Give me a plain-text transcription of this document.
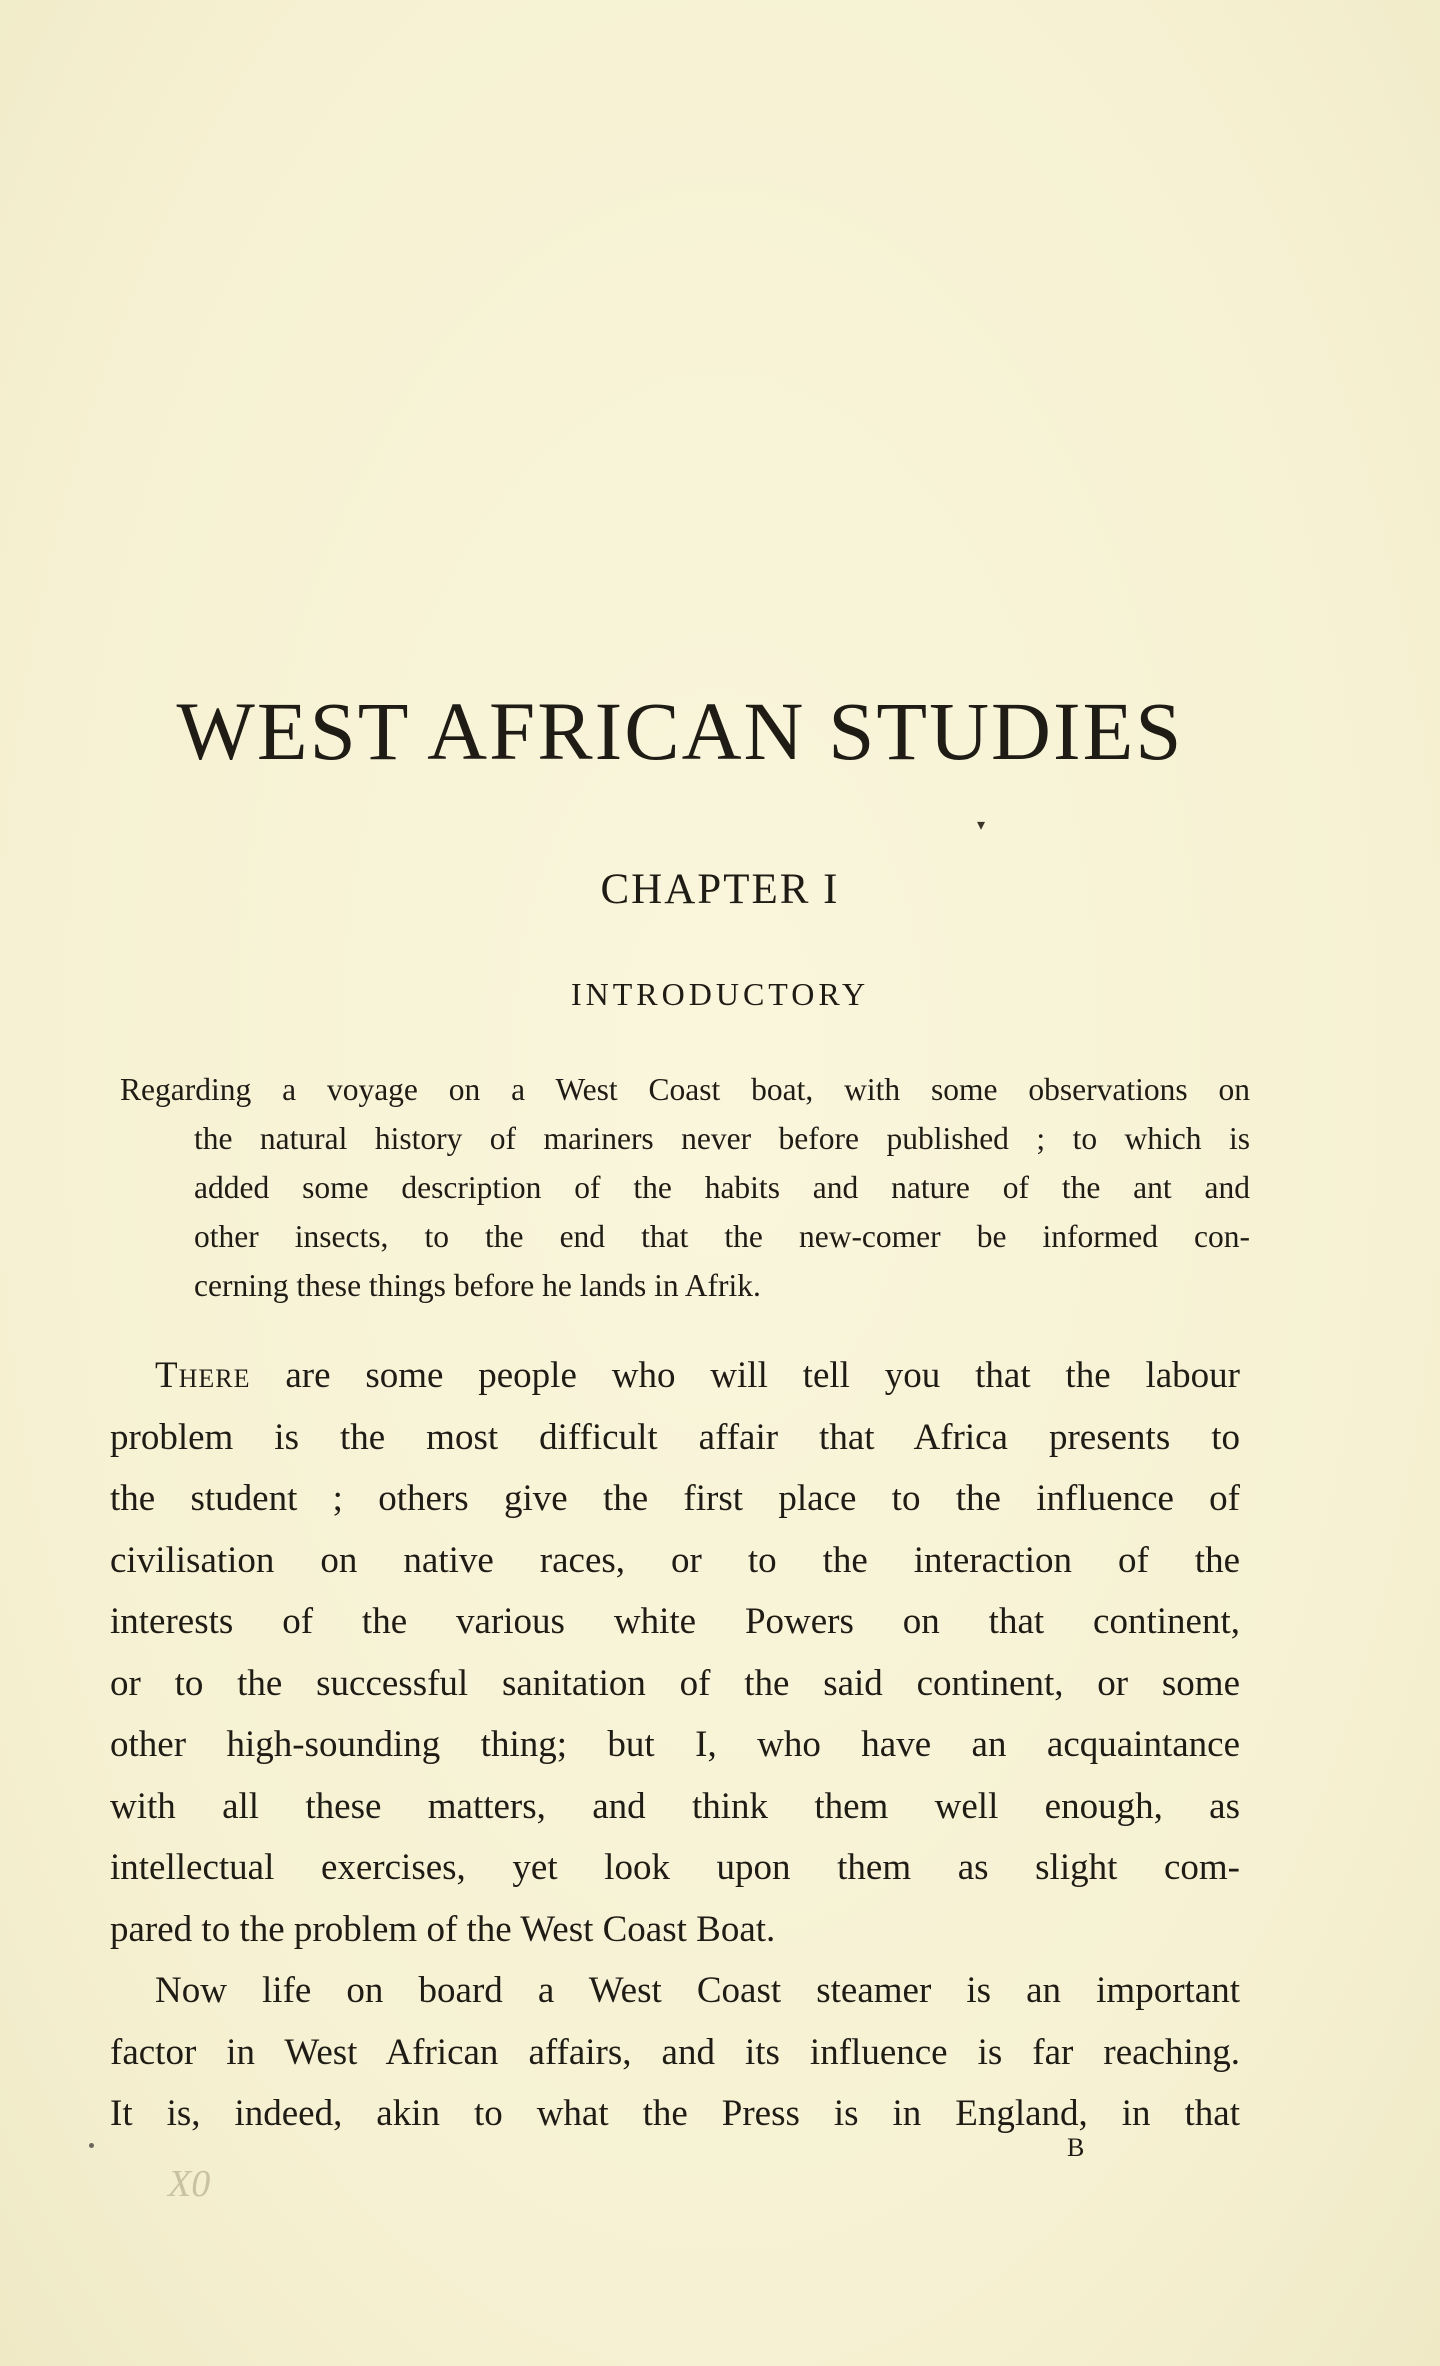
WEST AFRICAN STUDIES
▾
CHAPTER I
INTRODUCTORY
Regarding a voyage on a West Coast boat, with some observations on
the natural history of mariners never before published ; to which is
added some description of the habits and nature of the ant and
other insects, to the end that the new-comer be informed con-
cerning these things before he lands in Afrik.
There are some people who will tell you that the labour
problem is the most difficult affair that Africa presents to
the student ; others give the first place to the influence of
civilisation on native races, or to the interaction of the
interests of the various white Powers on that continent,
or to the successful sanitation of the said continent, or some
other high-sounding thing; but I, who have an acquaintance
with all these matters, and think them well enough, as
intellectual exercises, yet look upon them as slight com-
pared to the problem of the West Coast Boat.
Now life on board a West Coast steamer is an important
factor in West African affairs, and its influence is far reaching.
It is, indeed, akin to what the Press is in England, in that
X0
B
